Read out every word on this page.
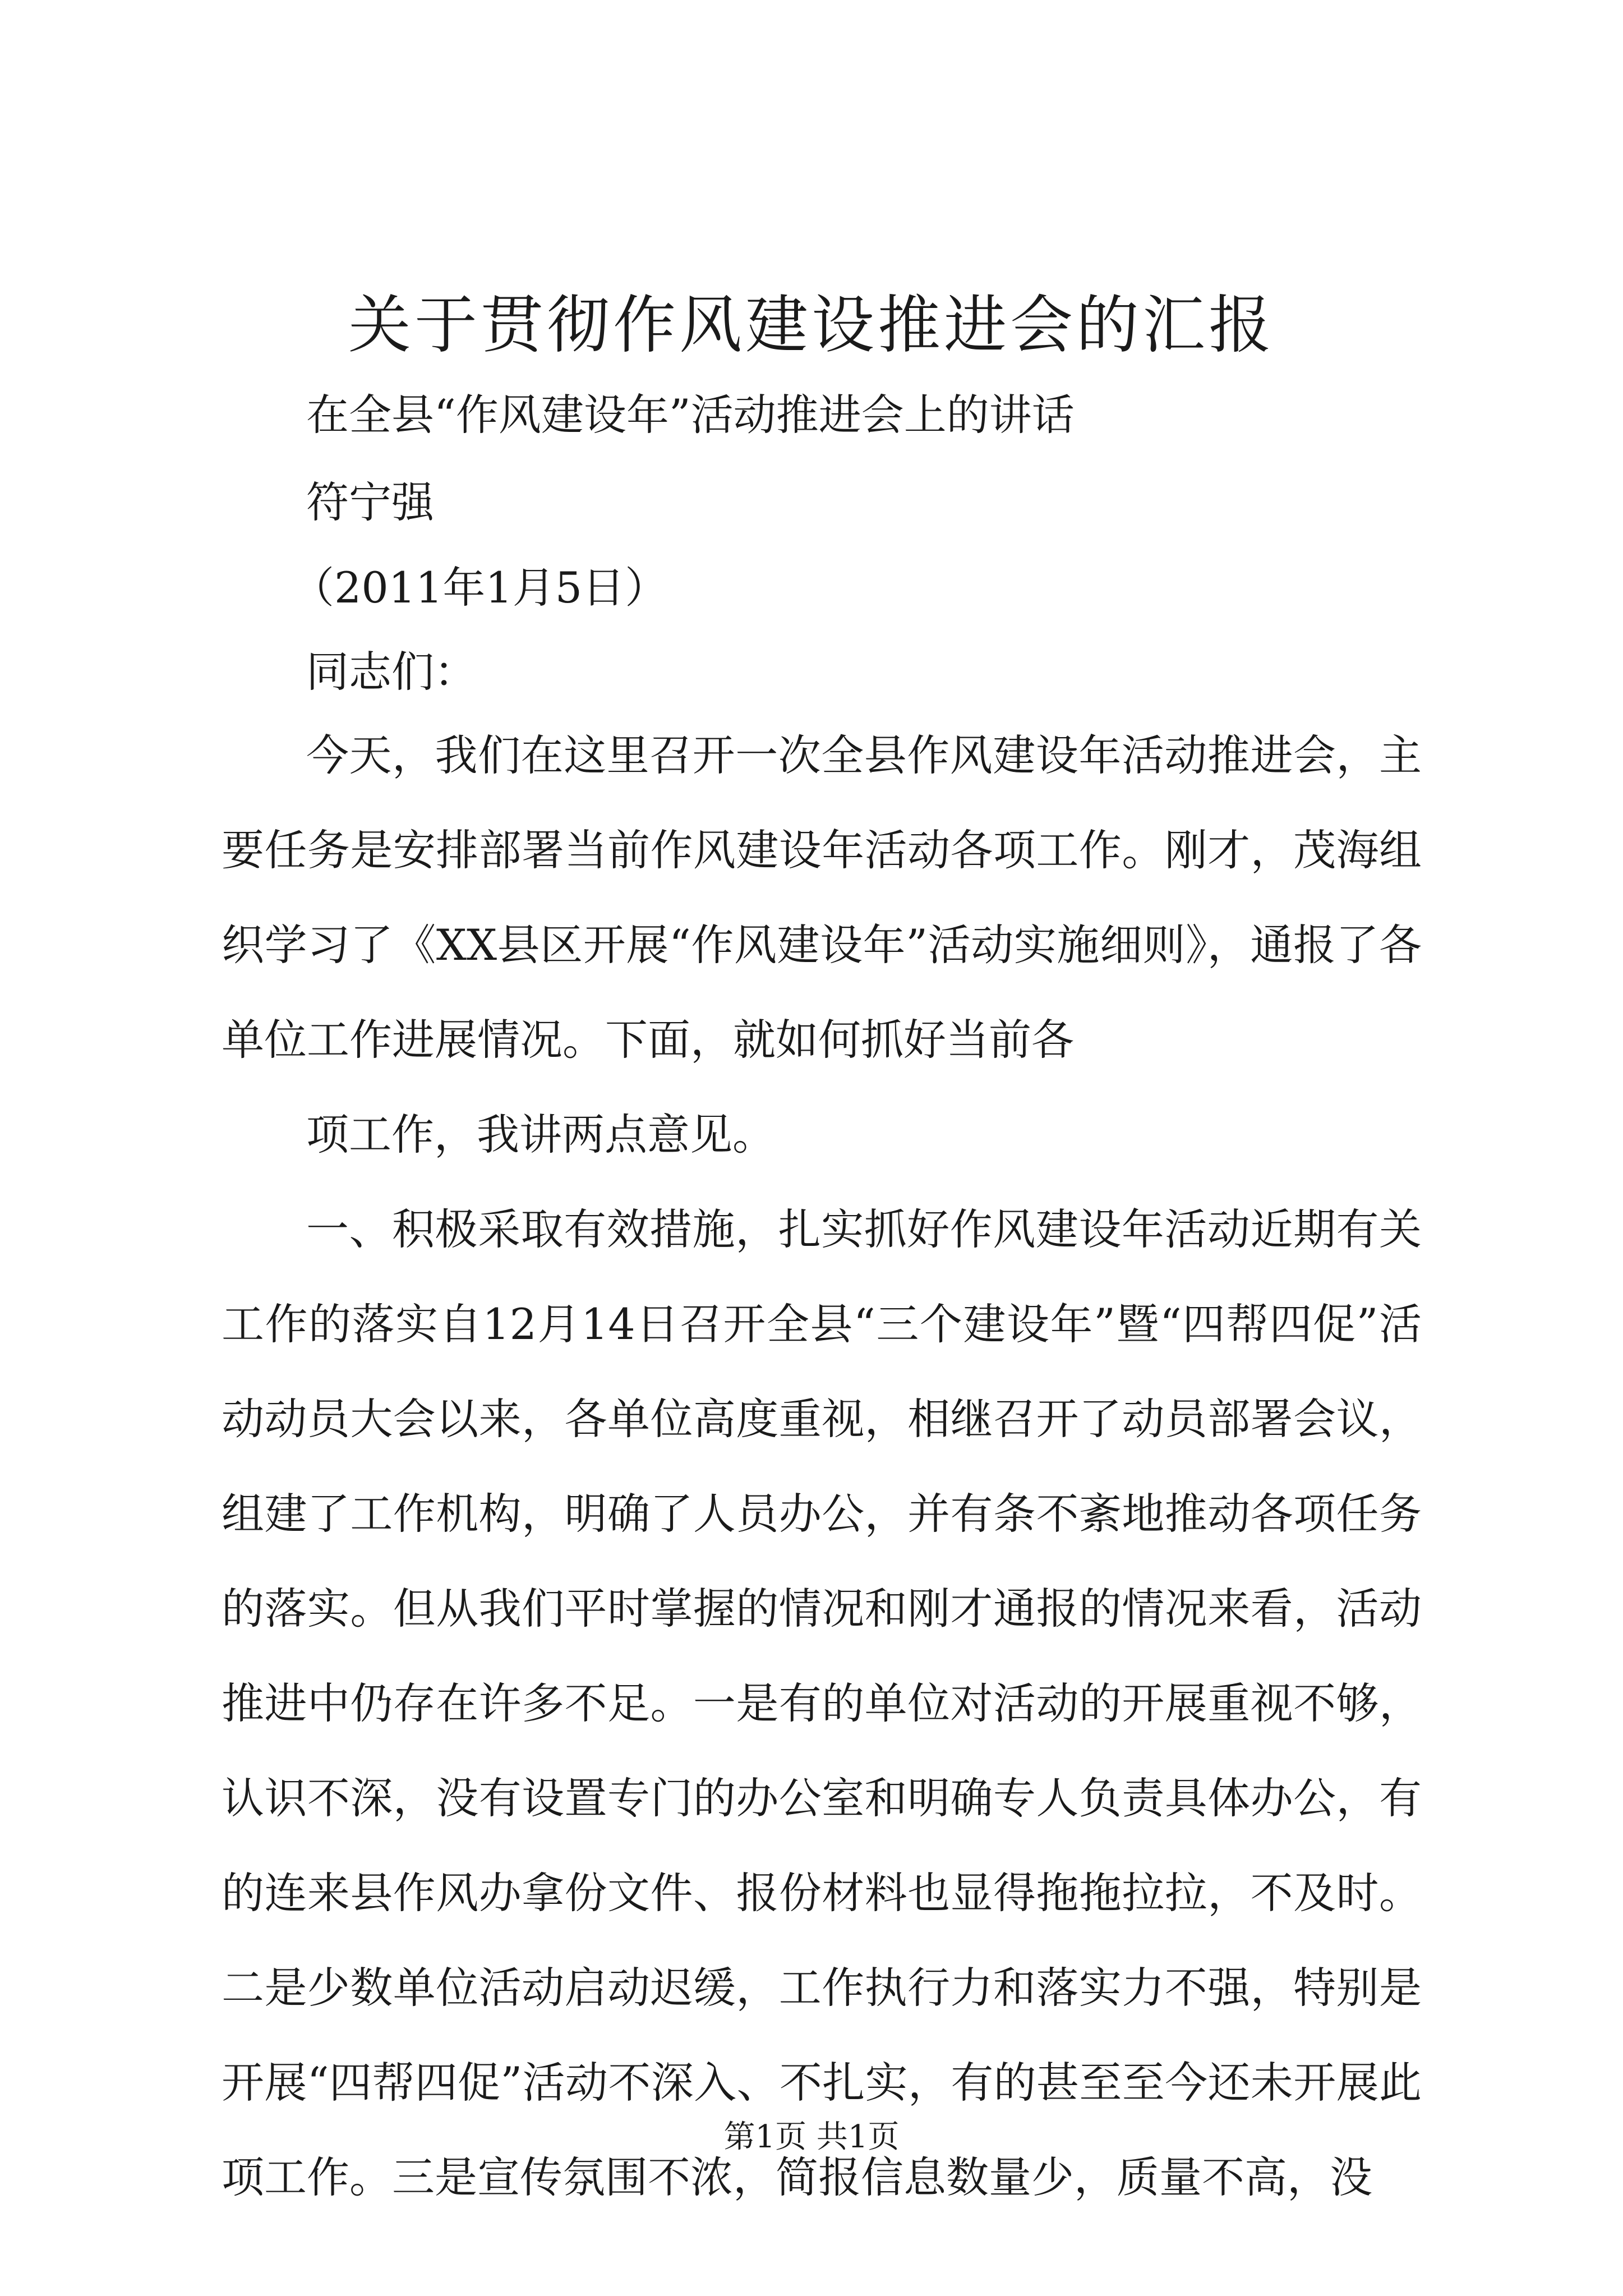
关于贯彻作风建设推进会的汇报
在全县“作风建设年”活动推进会上的讲话
符宁强
（2011年1月5日）
同志们：

今天，我们在这里召开一次全县作风建设年活动推进会，主要任务是安排部署当前作风建设年活动各项工作。刚才，茂海组织学习了《XX县区开展“作风建设年”活动实施细则》，通报了各单位工作进展情况。下面，就如何抓好当前各

项工作，我讲两点意见。

一、积极采取有效措施，扎实抓好作风建设年活动近期有关工作的落实自12月14日召开全县“三个建设年”暨“四帮四促”活动动员大会以来，各单位高度重视，相继召开了动员部署会议，组建了工作机构，明确了人员办公，并有条不紊地推动各项任务的落实。但从我们平时掌握的情况和刚才通报的情况来看，活动推进中仍存在许多不足。一是有的单位对活动的开展重视不够，认识不深，没有设置专门的办公室和明确专人负责具体办公，有的连来县作风办拿份文件、报份材料也显得拖拖拉拉，不及时。二是少数单位活动启动迟缓，工作执行力和落实力不强，特别是开展“四帮四促”活动不深入、不扎实，有的甚至至今还未开展此项工作。三是宣传氛围不浓，简报信息数量少，质量不高，没

第1页 共1页
